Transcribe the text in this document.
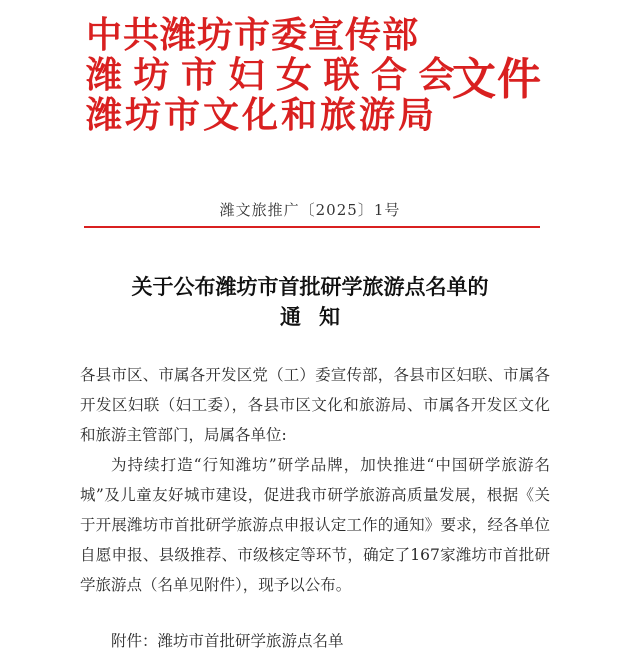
中共潍坊市委宣传部
潍坊市妇女联合会
潍坊市文化和旅游局
文件
潍文旅推广〔2025〕1号
关于公布潍坊市首批研学旅游点名单的
通知

各县市区、市属各开发区党（工）委宣传部，各县市区妇联、市属各开发区妇联（妇工委），各县市区文化和旅游局、市属各开发区文化和旅游主管部门，局属各单位:

为持续打造“行知潍坊”研学品牌，加快推进“中国研学旅游名城”及儿童友好城市建设，促进我市研学旅游高质量发展，根据《关于开展潍坊市首批研学旅游点申报认定工作的通知》要求，经各单位自愿申报、县级推荐、市级核定等环节，确定了167家潍坊市首批研学旅游点（名单见附件），现予以公布。

附件：潍坊市首批研学旅游点名单
